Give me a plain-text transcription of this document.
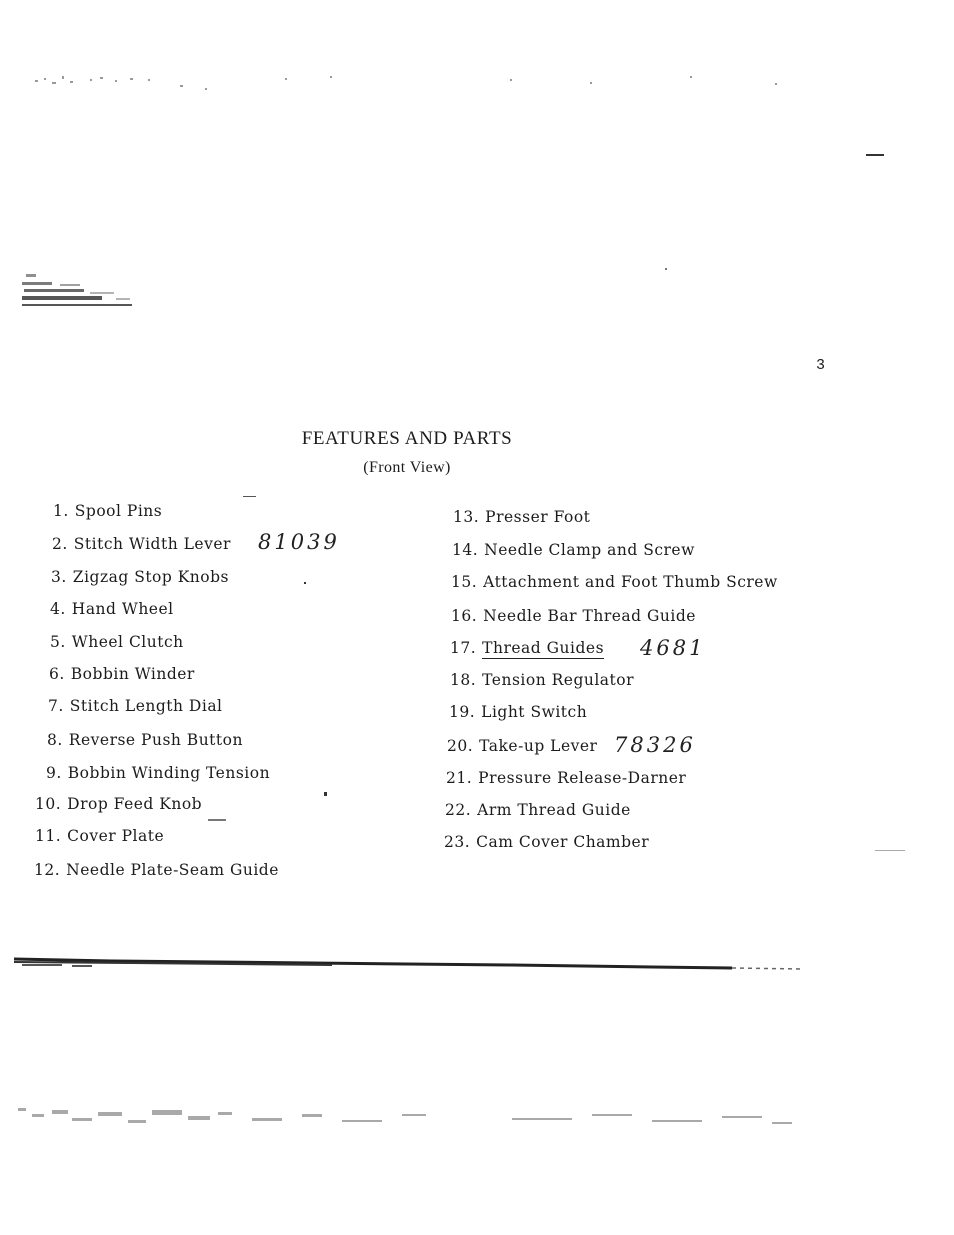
3
FEATURES AND PARTS
(Front View)
1. Spool Pins
2. Stitch Width Lever
3. Zigzag Stop Knobs
4. Hand Wheel
5. Wheel Clutch
6. Bobbin Winder
7. Stitch Length Dial
8. Reverse Push Button
9. Bobbin Winding Tension
10. Drop Feed Knob
11. Cover Plate
12. Needle Plate-Seam Guide
81039
13. Presser Foot
14. Needle Clamp and Screw
15. Attachment and Foot Thumb Screw
16. Needle Bar Thread Guide
17. Thread Guides
18. Tension Regulator
19. Light Switch
20. Take-up Lever
21. Pressure Release-Darner
22. Arm Thread Guide
23. Cam Cover Chamber
4681
78326
